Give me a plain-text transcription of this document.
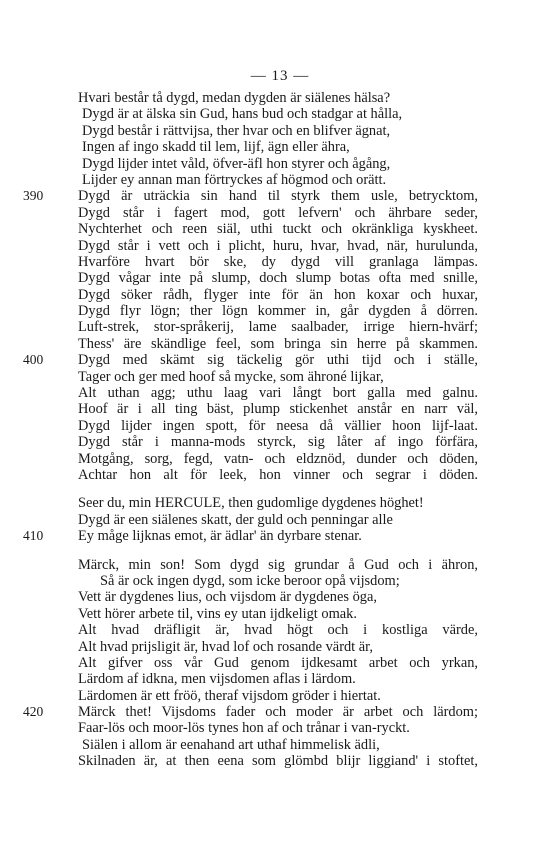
— 13 —
Hvari består tå dygd, medan dygden är siälenes hälsa?
Dygd är at älska sin Gud, hans bud och stadgar at hålla,
Dygd består i rättvijsa, ther hvar och en blifver ägnat,
Ingen af ingo skadd til lem, lijf, ägn eller ähra,
Dygd lijder intet våld, öfver-äfl hon styrer och ågång,
Lijder ey annan man förtryckes af högmod och orätt.
390	Dygd är uträckia sin hand til styrk them usle, betrycktom,
Dygd står i fagert mod, gott lefvern' och ährbare seder,
Nychterhet och reen siäl, uthi tuckt och okränkliga kyskheet.
Dygd står i vett och i plicht, huru, hvar, hvad, när, hurulunda,
Hvarföre hvart bör ske, dy dygd vill granlaga lämpas.
Dygd vågar inte på slump, doch slump botas ofta med snille,
Dygd söker rådh, flyger inte för än hon koxar och huxar,
Dygd flyr lögn; ther lögn kommer in, går dygden å dörren.
Luft-strek, stor-språkerij, lame saalbader, irrige hiern-hvärf;
Thess' äre skändlige feel, som bringa sin herre på skammen.
400	Dygd med skämt sig täckelig gör uthi tijd och i ställe,
Tager och ger med hoof så mycke, som ähroné lijkar,
Alt uthan agg; uthu laag vari långt bort galla med galnu.
Hoof är i all ting bäst, plump stickenhet anstår en narr väl,
Dygd lijder ingen spott, för neesa då vällier hoon lijf-laat.
Dygd står i manna-mods styrck, sig låter af ingo förfära,
Motgång, sorg, fegd, vatn- och eldznöd, dunder och döden,
Achtar hon alt för leek, hon vinner och segrar i döden.
Seer du, min HERCULE, then gudomlige dygdenes höghet!
Dygd är een siälenes skatt, der guld och penningar alle
410	Ey måge lijknas emot, är ädlar' än dyrbare stenar.
Märck, min son! Som dygd sig grundar å Gud och i ähron,
Så är ock ingen dygd, som icke beroor opå vijsdom;
Vett är dygdenes lius, och vijsdom är dygdenes öga,
Vett hörer arbete til, vins ey utan ijdkeligt omak.
Alt hvad dräfligit är, hvad högt och i kostliga värde,
Alt hvad prijsligit är, hvad lof och rosande värdt är,
Alt gifver oss vår Gud genom ijdkesamt arbet och yrkan,
Lärdom af idkna, men vijsdomen aflas i lärdom.
Lärdomen är ett fröö, theraf vijsdom gröder i hiertat.
420	Märck thet! Vijsdoms fader och moder är arbet och lärdom;
Faar-lös och moor-lös tynes hon af och trånar i van-ryckt.
Siälen i allom är eenahand art uthaf himmelisk ädli,
Skilnaden är, at then eena som glömbd blijr liggiand' i stoftet,
